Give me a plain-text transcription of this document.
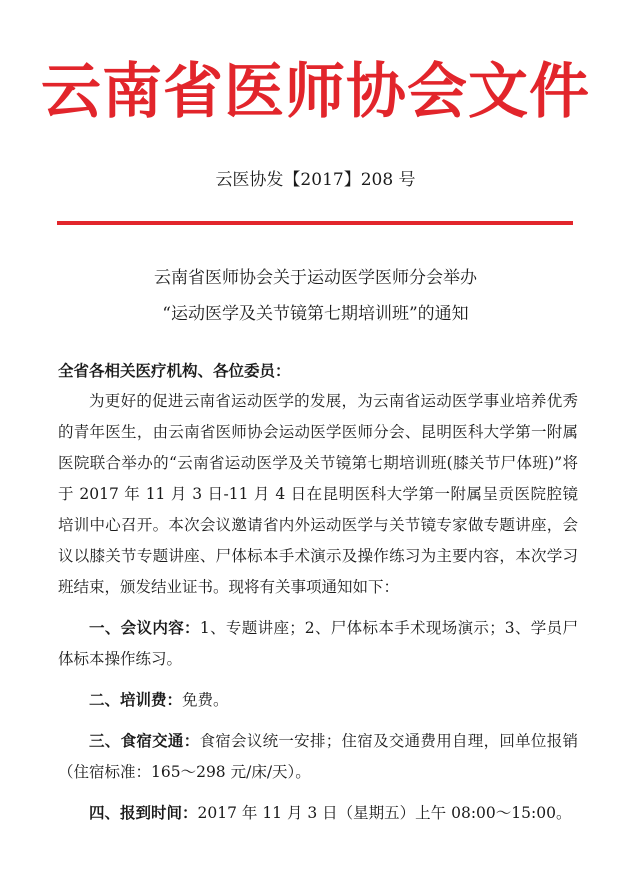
云南省医师协会文件
云医协发【2017】208 号
云南省医师协会关于运动医学医师分会举办
“运动医学及关节镜第七期培训班”的通知

全省各相关医疗机构、各位委员：

为更好的促进云南省运动医学的发展，为云南省运动医学事业培养优秀的青年医生，由云南省医师协会运动医学医师分会、昆明医科大学第一附属医院联合举办的“云南省运动医学及关节镜第七期培训班(膝关节尸体班)”将于 2017 年 11 月 3 日-11 月 4 日在昆明医科大学第一附属呈贡医院腔镜培训中心召开。本次会议邀请省内外运动医学与关节镜专家做专题讲座，会议以膝关节专题讲座、尸体标本手术演示及操作练习为主要内容，本次学习班结束，颁发结业证书。现将有关事项通知如下：

一、会议内容：1、专题讲座；2、尸体标本手术现场演示；3、学员尸体标本操作练习。

二、培训费：免费。

三、食宿交通：食宿会议统一安排；住宿及交通费用自理，回单位报销（住宿标准：165～298 元/床/天）。

四、报到时间：2017 年 11 月 3 日（星期五）上午 08:00～15:00。
